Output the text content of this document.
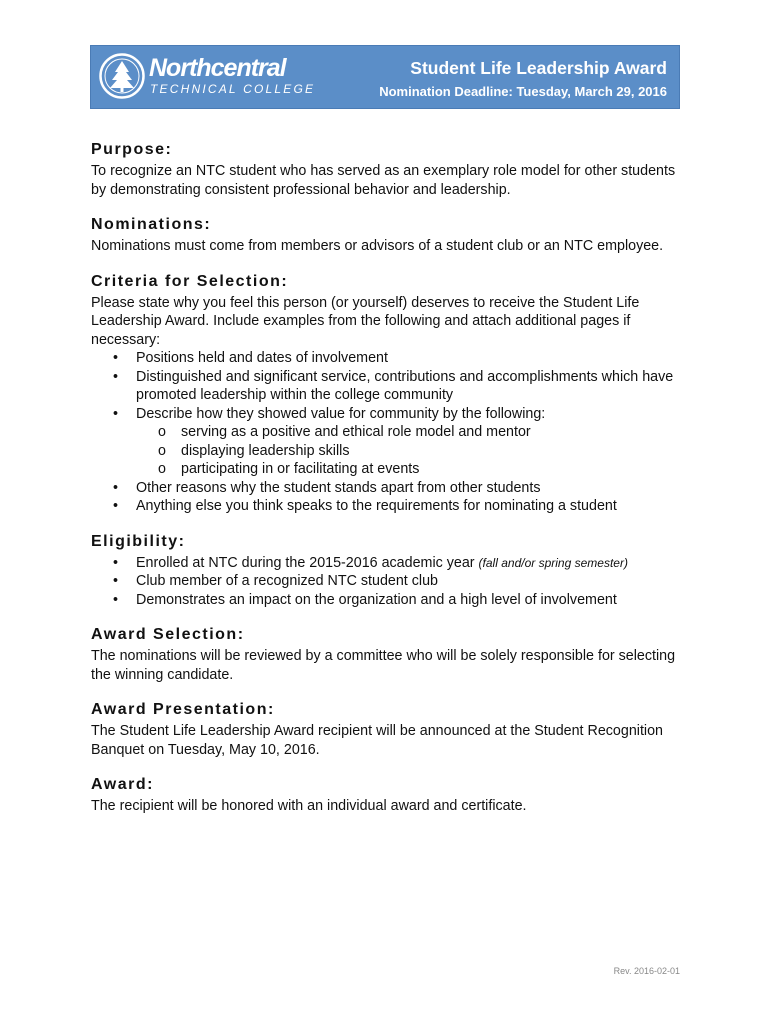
Northcentral
TECHNICAL COLLEGE
Student Life Leadership Award
Nomination Deadline: Tuesday, March 29, 2016
Purpose:

To recognize an NTC student who has served as an exemplary role model for other students by demonstrating consistent professional behavior and leadership.

Nominations:

Nominations must come from members or advisors of a student club or an NTC employee.

Criteria for Selection:

Please state why you feel this person (or yourself) deserves to receive the Student Life Leadership Award. Include examples from the following and attach additional pages if necessary:

• Positions held and dates of involvement
• Distinguished and significant service, contributions and accomplishments which have promoted leadership within the college community
• Describe how they showed value for community by the following:
o serving as a positive and ethical role model and mentor
o displaying leadership skills
o participating in or facilitating at events
• Other reasons why the student stands apart from other students
• Anything else you think speaks to the requirements for nominating a student
Eligibility:
• Enrolled at NTC during the 2015-2016 academic year (fall and/or spring semester)
• Club member of a recognized NTC student club
• Demonstrates an impact on the organization and a high level of involvement
Award Selection:

The nominations will be reviewed by a committee who will be solely responsible for selecting the winning candidate.

Award Presentation:

The Student Life Leadership Award recipient will be announced at the Student Recognition Banquet on Tuesday, May 10, 2016.

Award:

The recipient will be honored with an individual award and certificate.

Rev. 2016-02-01
